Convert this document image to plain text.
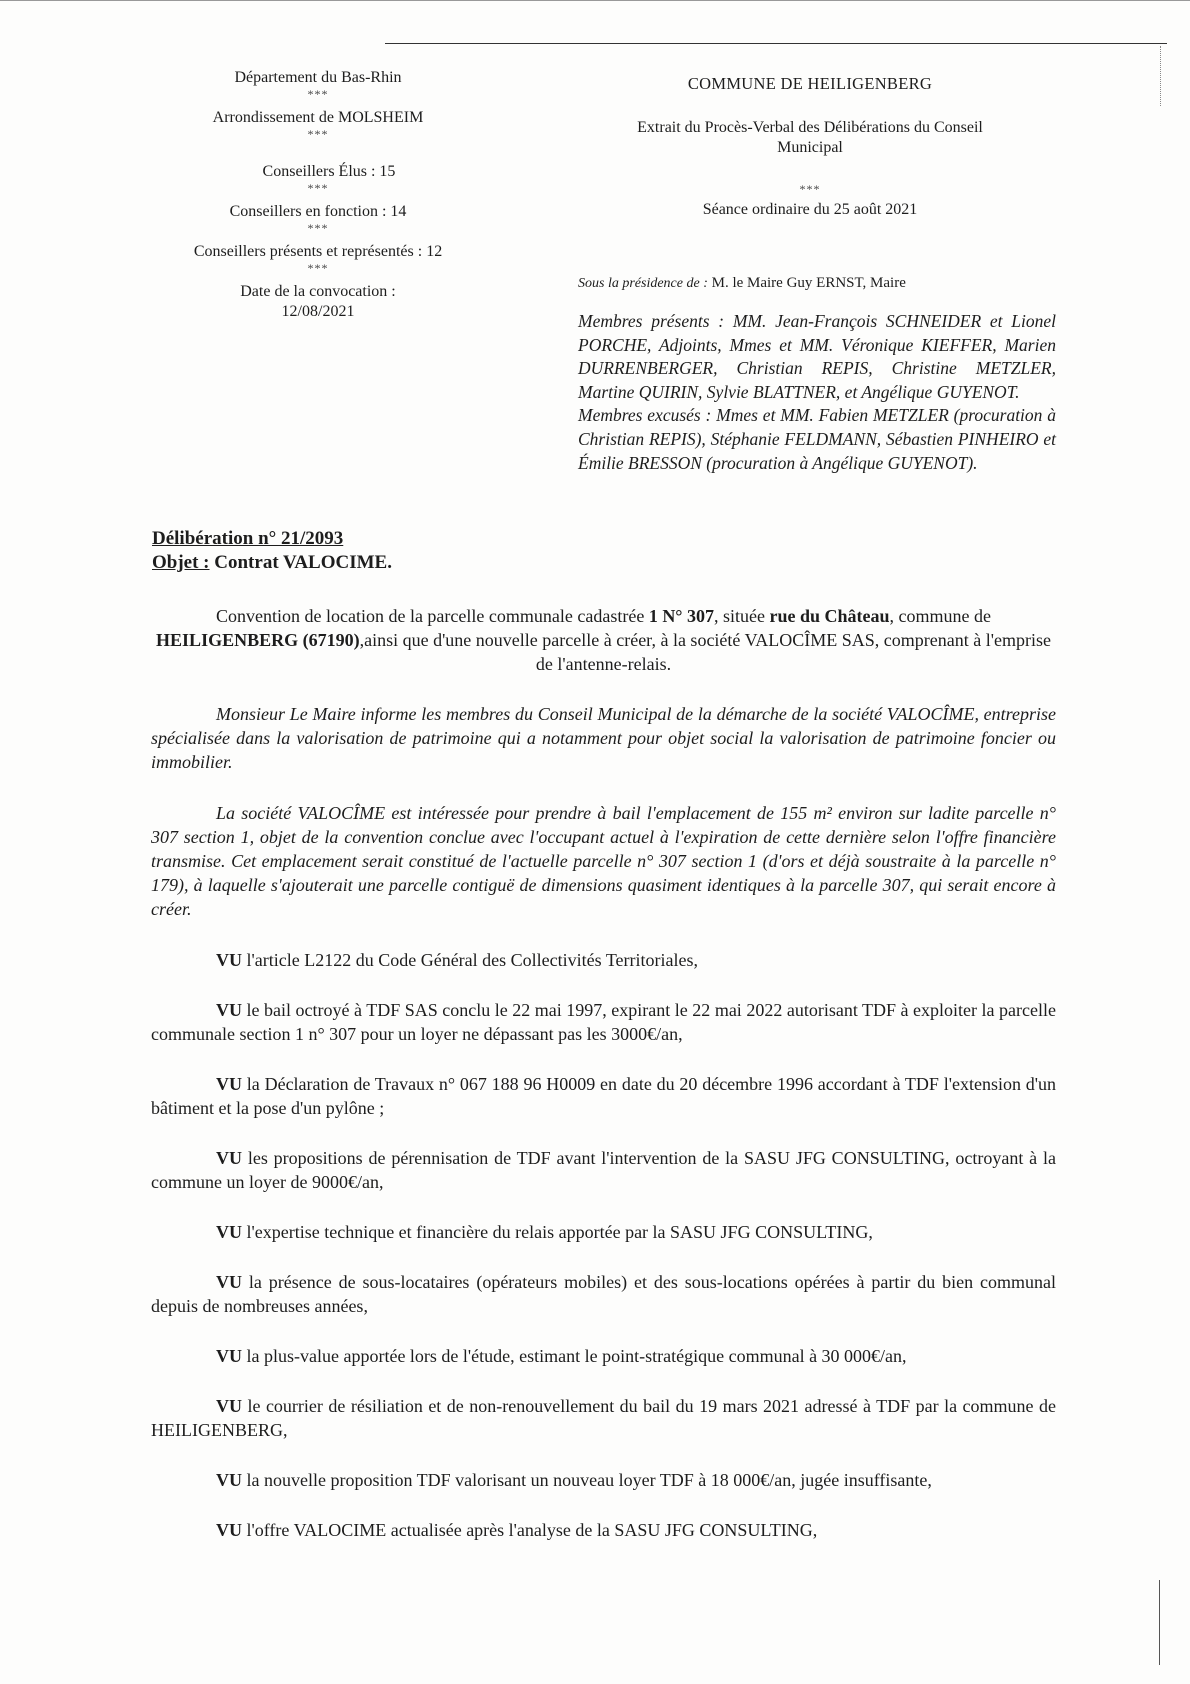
Département du Bas-Rhin
***
Arrondissement de MOLSHEIM
***
Conseillers Élus : 15
***
Conseillers en fonction : 14
***
Conseillers présents et représentés : 12
***
Date de la convocation :
12/08/2021
COMMUNE DE HEILIGENBERG
Extrait du Procès-Verbal des Délibérations du Conseil
Municipal
***
Séance ordinaire du 25 août 2021
Sous la présidence de : M. le Maire Guy ERNST, Maire
Membres présents : MM. Jean-François SCHNEIDER et Lionel PORCHE, Adjoints, Mmes et MM. Véronique KIEFFER, Marien DURRENBERGER, Christian REPIS, Christine METZLER, Martine QUIRIN, Sylvie BLATTNER, et Angélique GUYENOT.
Membres excusés : Mmes et MM. Fabien METZLER (procuration à Christian REPIS), Stéphanie FELDMANN, Sébastien PINHEIRO et Émilie BRESSON (procuration à Angélique GUYENOT).
Délibération n° 21/2093
Objet : Contrat VALOCIME.

Convention de location de la parcelle communale cadastrée 1 N° 307, située rue du Château, commune de HEILIGENBERG (67190),ainsi que d'une nouvelle parcelle à créer, à la société VALOCÎME SAS, comprenant à l'emprise de l'antenne-relais.

Monsieur Le Maire informe les membres du Conseil Municipal de la démarche de la société VALOCÎME, entreprise spécialisée dans la valorisation de patrimoine qui a notamment pour objet social la valorisation de patrimoine foncier ou immobilier.

La société VALOCÎME est intéressée pour prendre à bail l'emplacement de 155 m² environ sur ladite parcelle n° 307 section 1, objet de la convention conclue avec l'occupant actuel à l'expiration de cette dernière selon l'offre financière transmise. Cet emplacement serait constitué de l'actuelle parcelle n° 307 section 1 (d'ors et déjà soustraite à la parcelle n° 179), à laquelle s'ajouterait une parcelle contiguë de dimensions quasiment identiques à la parcelle 307, qui serait encore à créer.

VU l'article L2122 du Code Général des Collectivités Territoriales,

VU le bail octroyé à TDF SAS conclu le 22 mai 1997, expirant le 22 mai 2022 autorisant TDF à exploiter la parcelle communale section 1 n° 307 pour un loyer ne dépassant pas les 3000€/an,

VU la Déclaration de Travaux n° 067 188 96 H0009 en date du 20 décembre 1996 accordant à TDF l'extension d'un bâtiment et la pose d'un pylône ;

VU les propositions de pérennisation de TDF avant l'intervention de la SASU JFG CONSULTING, octroyant à la commune un loyer de 9000€/an,

VU l'expertise technique et financière du relais apportée par la SASU JFG CONSULTING,

VU la présence de sous-locataires (opérateurs mobiles) et des sous-locations opérées à partir du bien communal depuis de nombreuses années,

VU la plus-value apportée lors de l'étude, estimant le point-stratégique communal à 30 000€/an,

VU le courrier de résiliation et de non-renouvellement du bail du 19 mars 2021 adressé à TDF par la commune de HEILIGENBERG,

VU la nouvelle proposition TDF valorisant un nouveau loyer TDF à 18 000€/an, jugée insuffisante,

VU l'offre VALOCIME actualisée après l'analyse de la SASU JFG CONSULTING,
